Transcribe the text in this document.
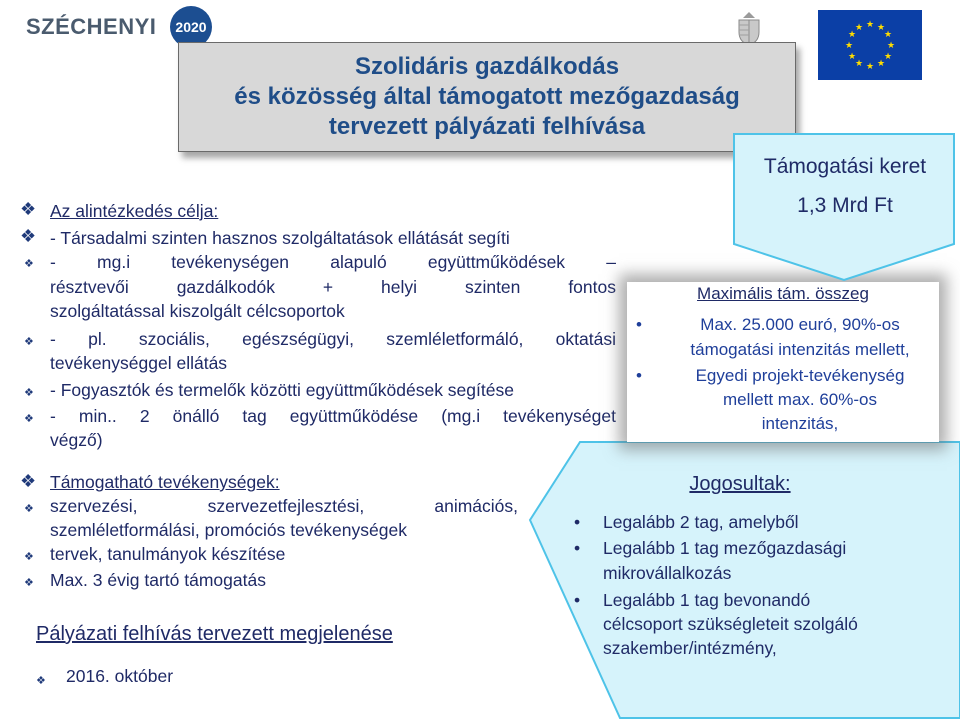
SZÉCHENYI	2020	★ ★
★
★
★
★
★
★
★
★
★
★
Szolidáris gazdálkodás
és közösség által támogatott mezőgazdaság
tervezett pályázati felhívása
❖ Az alintézkedés célja:
❖ - Társadalmi szinten hasznos szolgáltatások ellátását segíti
❖ - mg.i tevékenységen alapuló együttműködések –
résztvevői gazdálkodók + helyi szinten fontos
szolgáltatással kiszolgált célcsoportok
❖ - pl. szociális, egészségügyi, szemléletformáló, oktatási
tevékenységgel ellátás
❖ - Fogyasztók és termelők közötti együttműködések segítése
❖ - min.. 2 önálló tag együttműködése (mg.i tevékenységet
végző)
❖ Támogatható tevékenységek:
❖ szervezési, szervezetfejlesztési, animációs,
szemléletformálási, promóciós tevékenységek
❖ tervek, tanulmányok készítése
❖ Max. 3 évig tartó támogatás
Pályázati felhívás tervezett megjelenése
❖ 2016. október
Jogosultak:
• Legalább 2 tag, amelyből
• Legalább 1 tag mezőgazdasági
mikrovállalkozás
• Legalább 1 tag bevonandó
célcsoport szükségleteit szolgáló
szakember/intézmény,
Maximális tám. összeg
•	Max. 25.000 euró, 90%-os
támogatási intenzitás mellett,
•	Egyedi projekt-tevékenység
mellett max. 60%-os
intenzitás,
Támogatási keret
1,3 Mrd Ft
